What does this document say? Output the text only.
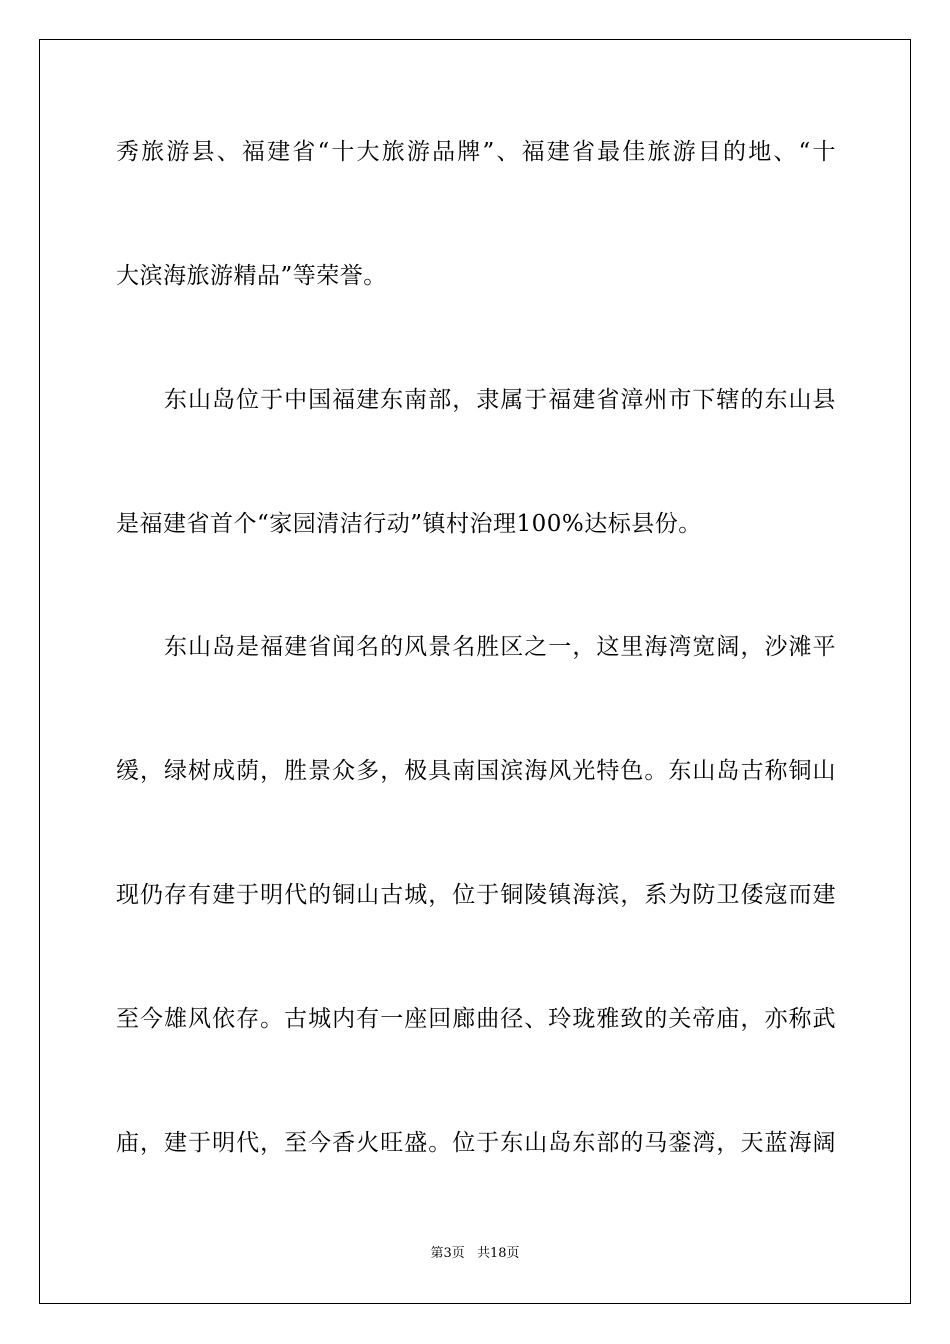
秀旅游县、福建省“十大旅游品牌”、福建省最佳旅游目的地、“十
大滨海旅游精品”等荣誉。
东山岛位于中国福建东南部，隶属于福建省漳州市下辖的东山县
是福建省首个“家园清洁行动”镇村治理100%达标县份。
东山岛是福建省闻名的风景名胜区之一，这里海湾宽阔，沙滩平
缓，绿树成荫，胜景众多，极具南国滨海风光特色。东山岛古称铜山
现仍存有建于明代的铜山古城，位于铜陵镇海滨，系为防卫倭寇而建
至今雄风依存。古城内有一座回廊曲径、玲珑雅致的关帝庙，亦称武
庙，建于明代，至今香火旺盛。位于东山岛东部的马銮湾，天蓝海阔
第3页 共18页
